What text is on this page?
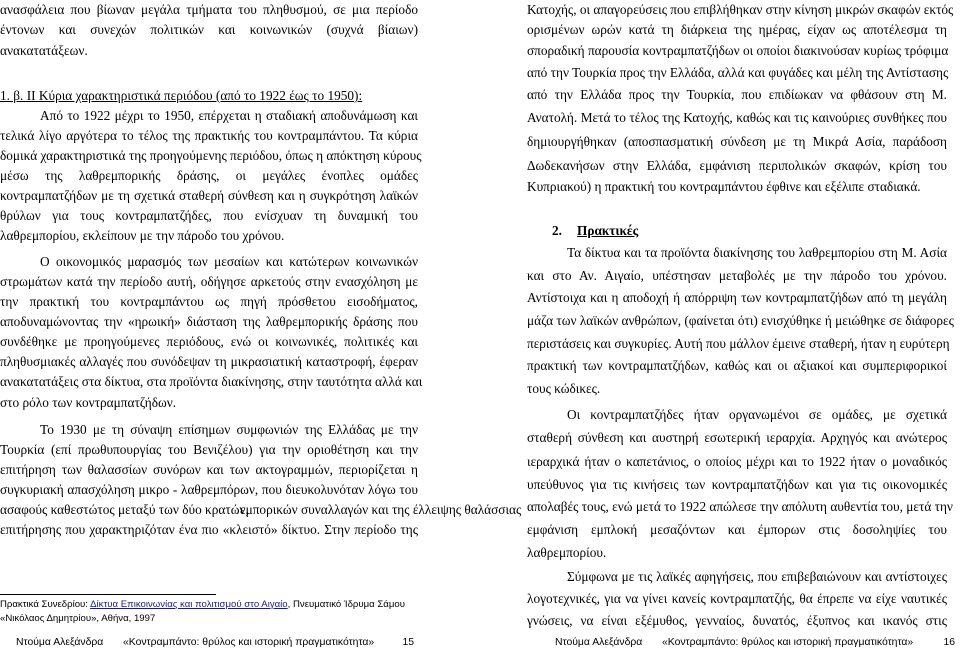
ανασφάλεια που βίωναν μεγάλα τμήματα του πληθυσμού, σε μια περίοδο
έντονων και συνεχών πολιτικών και κοινωνικών (συχνά βίαιων)
ανακατατάξεων.
1. β. ΙΙ Κύρια χαρακτηριστικά περιόδου (από το 1922 έως το 1950):
Από το 1922 μέχρι το 1950, επέρχεται η σταδιακή αποδυνάμωση και
τελικά λίγο αργότερα το τέλος της πρακτικής του κοντραμπάντου. Τα κύρια
δομικά χαρακτηριστικά της προηγούμενης περιόδου, όπως η απόκτηση κύρους
μέσω της λαθρεμπορικής δράσης, οι μεγάλες ένοπλες ομάδες
κοντραμπατζήδων με τη σχετικά σταθερή σύνθεση και η συγκρότηση λαϊκών
θρύλων για τους κοντραμπατζήδες, που ενίσχυαν τη δυναμική του
λαθρεμπορίου, εκλείπουν με την πάροδο του χρόνου.
Ο οικονομικός μαρασμός των μεσαίων και κατώτερων κοινωνικών
στρωμάτων κατά την περίοδο αυτή, οδήγησε αρκετούς στην ενασχόληση με
την πρακτική του κοντραμπάντου ως πηγή πρόσθετου εισοδήματος,
αποδυναμώνοντας την «ηρωική» διάσταση της λαθρεμπορικής δράσης που
συνδέθηκε με προηγούμενες περιόδους, ενώ οι κοινωνικές, πολιτικές και
πληθυσμιακές αλλαγές που συνόδεψαν τη μικρασιατική καταστροφή, έφεραν
ανακατατάξεις στα δίκτυα, στα προϊόντα διακίνησης, στην ταυτότητα αλλά και
στο ρόλο των κοντραμπατζήδων.
Το 1930 με τη σύναψη επίσημων συμφωνιών της Ελλάδας με την
Τουρκία (επί πρωθυπουργίας του Βενιζέλου) για την οριοθέτηση και την
επιτήρηση των θαλασσίων συνόρων και των ακτογραμμών, περιορίζεται η
συγκυριακή απασχόληση μικρο - λαθρεμπόρων, που διευκολυνόταν λόγω του
ασαφούς καθεστώτος μεταξύ των δύο κρατών,
εμπορικών συναλλαγών και της έλλειψης θαλάσσιας
επιτήρησης που χαρακτηριζόταν ένα πιο «κλειστό» δίκτυο. Στην περίοδο της
Πρακτικά Συνεδρίου: Δίκτυα Επικοινωνίας και πολιτισμού στο Αιγαίο, Πνευματικό Ίδρυμα Σάμου
«Νικόλαος Δημητρίου», Αθήνα, 1997
Ντούμα Αλεξάνδρα «Κοντραμπάντο: θρύλος και ιστορική πραγματικότητα»	15
Κατοχής, οι απαγορεύσεις που επιβλήθηκαν στην κίνηση μικρών σκαφών εκτός
ορισμένων ωρών κατά τη διάρκεια της ημέρας, είχαν ως αποτέλεσμα τη
σποραδική παρουσία κοντραμπατζήδων οι οποίοι διακινούσαν κυρίως τρόφιμα
από την Τουρκία προς την Ελλάδα, αλλά και φυγάδες και μέλη της Αντίστασης
από την Ελλάδα προς την Τουρκία, που επιδίωκαν να φθάσουν στη Μ.
Ανατολή. Μετά το τέλος της Κατοχής, καθώς και τις καινούριες συνθήκες που
δημιουργήθηκαν (αποσπασματική σύνδεση με τη Μικρά Ασία, παράδοση
Δωδεκανήσων στην Ελλάδα, εμφάνιση περιπολικών σκαφών, κρίση του
Κυπριακού) η πρακτική του κοντραμπάντου έφθινε και εξέλιπε σταδιακά.
2. Πρακτικές
Τα δίκτυα και τα προϊόντα διακίνησης του λαθρεμπορίου στη Μ. Ασία
και στο Αν. Αιγαίο, υπέστησαν μεταβολές με την πάροδο του χρόνου.
Αντίστοιχα και η αποδοχή ή απόρριψη των κοντραμπατζήδων από τη μεγάλη
μάζα των λαϊκών ανθρώπων, (φαίνεται ότι) ενισχύθηκε ή μειώθηκε σε διάφορες
περιστάσεις και συγκυρίες. Αυτή που μάλλον έμεινε σταθερή, ήταν η ευρύτερη
πρακτική των κοντραμπατζήδων, καθώς και οι αξιακοί και συμπεριφορικοί
τους κώδικες.
Οι κοντραμπατζήδες ήταν οργανωμένοι σε ομάδες, με σχετικά
σταθερή σύνθεση και αυστηρή εσωτερική ιεραρχία. Αρχηγός και ανώτερος
ιεραρχικά ήταν ο καπετάνιος, ο οποίος μέχρι και το 1922 ήταν ο μοναδικός
υπεύθυνος για τις κινήσεις των κοντραμπατζήδων και για τις οικονομικές
απολαβές τους, ενώ μετά το 1922 απώλεσε την απόλυτη αυθεντία του, μετά την
εμφάνιση εμπλοκή μεσαζόντων και έμπορων στις δοσοληψίες του
λαθρεμπορίου.
Σύμφωνα με τις λαϊκές αφηγήσεις, που επιβεβαιώνουν και αντίστοιχες
λογοτεχνικές, για να γίνει κανείς κοντραμπατζής, θα έπρεπε να είχε ναυτικές
γνώσεις, να είναι εξέμυθος, γενναίος, δυνατός, έξυπνος και ικανός στις
Ντούμα Αλεξάνδρα «Κοντραμπάντο: θρύλος και ιστορική πραγματικότητα»	16
